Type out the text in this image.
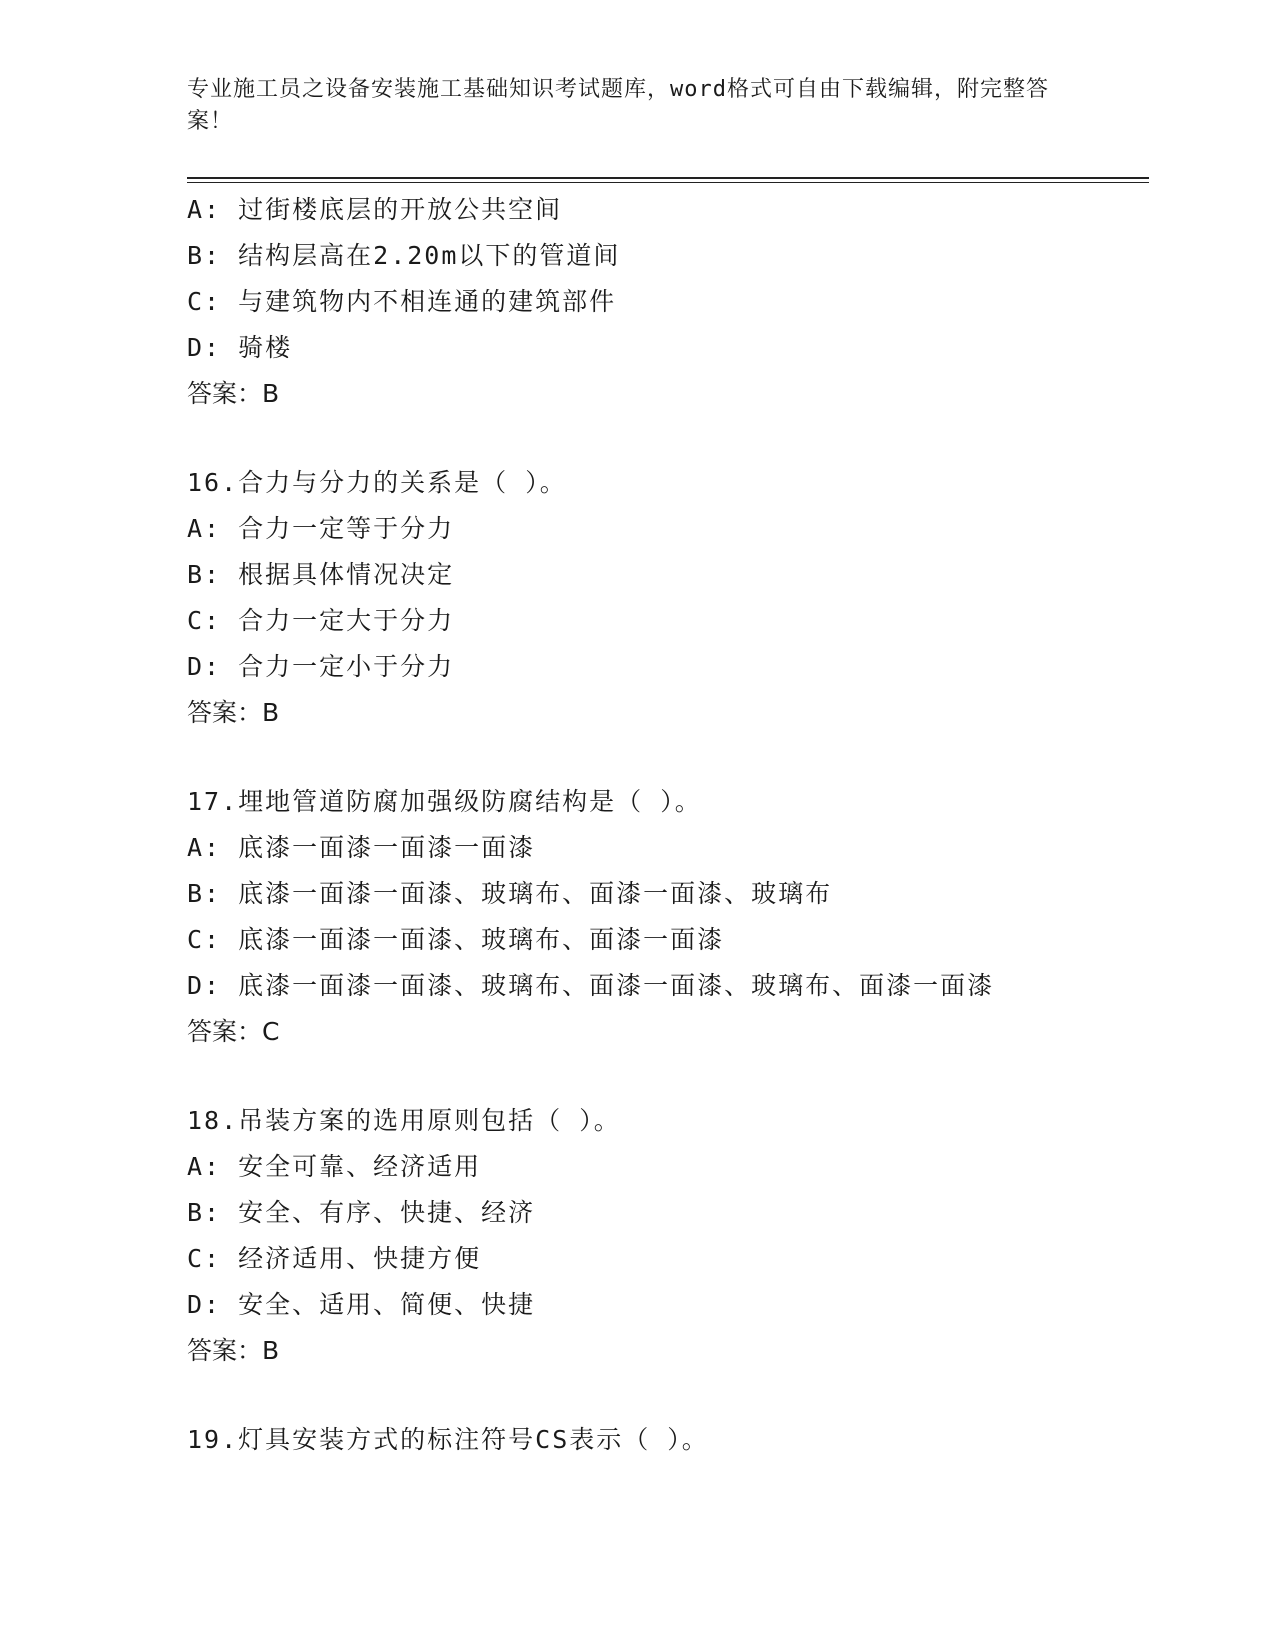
专业施工员之设备安装施工基础知识考试题库，word格式可自由下载编辑，附完整答案！
A: 过街楼底层的开放公共空间
B: 结构层高在2.20m以下的管道间
C: 与建筑物内不相连通的建筑部件
D: 骑楼
答案：B
16.合力与分力的关系是（ ）。
A: 合力一定等于分力
B: 根据具体情况决定
C: 合力一定大于分力
D: 合力一定小于分力
答案：B
17.埋地管道防腐加强级防腐结构是（ ）。
A: 底漆一面漆一面漆一面漆
B: 底漆一面漆一面漆、玻璃布、面漆一面漆、玻璃布
C: 底漆一面漆一面漆、玻璃布、面漆一面漆
D: 底漆一面漆一面漆、玻璃布、面漆一面漆、玻璃布、面漆一面漆
答案：C
18.吊装方案的选用原则包括（ ）。
A: 安全可靠、经济适用
B: 安全、有序、快捷、经济
C: 经济适用、快捷方便
D: 安全、适用、简便、快捷
答案：B
19.灯具安装方式的标注符号CS表示（ ）。
